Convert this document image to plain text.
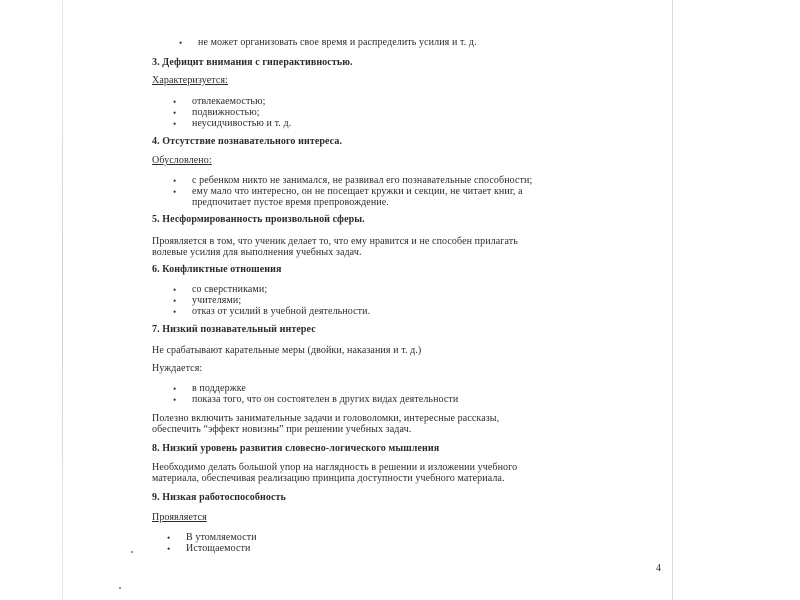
• не может организовать свое время и распределить усилия и т. д.
3. Дефицит внимания с гиперактивностью.
Характеризуется:
• отвлекаемостью;
• подвижностью;
• неусидчивостью и т. д.
4. Отсутствие познавательного интереса.
Обусловлено:
• с ребенком никто не занимался, не развивал его познавательные способности;
• ему мало что интересно, он не посещает кружки и секции, не читает книг, а
предпочитает пустое время препровождение.
5. Несформированность произвольной сферы.
Проявляется в том, что ученик делает то, что ему нравится и не способен прилагать
волевые усилия для выполнения учебных задач.
6. Конфликтные отношения
• со сверстниками;
• учителями;
• отказ от усилий в учебной деятельности.
7. Низкий познавательный интерес
Не срабатывают карательные меры (двойки, наказания и т. д.)
Нуждается:
• в поддержке
• показа того, что он состоятелен в других видах деятельности
Полезно включить занимательные задачи и головоломки, интересные рассказы,
обеспечить “эффект новизны” при решении учебных задач.
8. Низкий уровень развития словесно-логического мышления
Необходимо делать большой упор на наглядность в решении и изложении учебного
материала, обеспечивая реализацию принципа доступности учебного материала.
9. Низкая работоспособность
Проявляется
• В утомляемости
• Истощаемости
4
